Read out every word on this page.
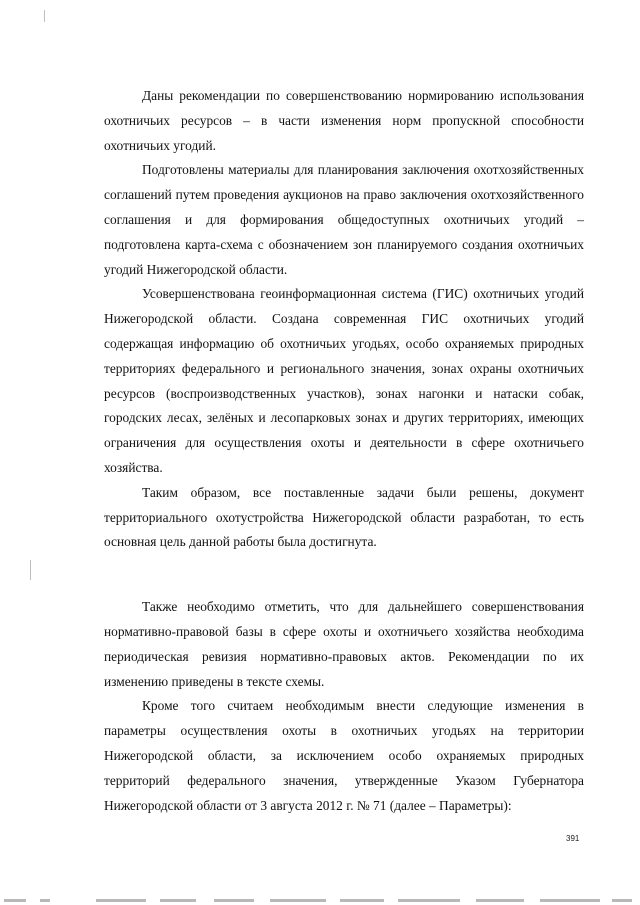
Даны рекомендации по совершенствованию нормированию использования охотничьих ресурсов – в части изменения норм пропускной способности охотничьих угодий.

Подготовлены материалы для планирования заключения охотхозяйственных соглашений путем проведения аукционов на право заключения охотхозяйственного соглашения и для формирования общедоступных охотничьих угодий – подготовлена карта-схема с обозначением зон планируемого создания охотничьих угодий Нижегородской области.

Усовершенствована геоинформационная система (ГИС) охотничьих угодий Нижегородской области. Создана современная ГИС охотничьих угодий содержащая информацию об охотничьих угодьях, особо охраняемых природных территориях федерального и регионального значения, зонах охраны охотничьих ресурсов (воспроизводственных участков), зонах нагонки и натаски собак, городских лесах, зелёных и лесопарковых зонах и других территориях, имеющих ограничения для осуществления охоты и деятельности в сфере охотничьего хозяйства.

Таким образом, все поставленные задачи были решены, документ территориального охотустройства Нижегородской области разработан, то есть основная цель данной работы была достигнута.

Также необходимо отметить, что для дальнейшего совершенствования нормативно-правовой базы в сфере охоты и охотничьего хозяйства необходима периодическая ревизия нормативно-правовых актов. Рекомендации по их изменению приведены в тексте схемы.

Кроме того считаем необходимым внести следующие изменения в параметры осуществления охоты в охотничьих угодьях на территории Нижегородской области, за исключением особо охраняемых природных территорий федерального значения, утвержденные Указом Губернатора Нижегородской области от 3 августа 2012 г. № 71 (далее – Параметры):

391
